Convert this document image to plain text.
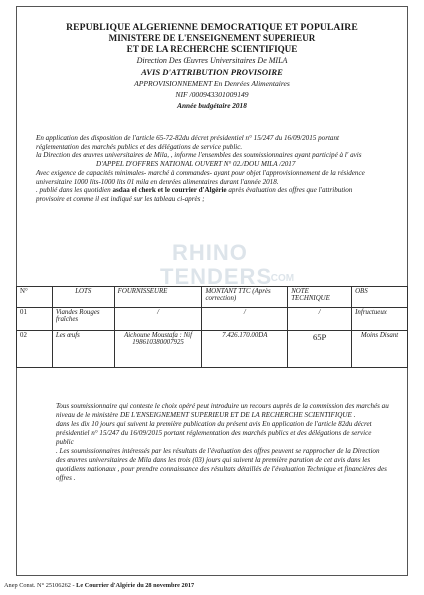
REPUBLIQUE ALGERIENNE DEMOCRATIQUE ET POPULAIRE
MINISTERE DE L'ENSEIGNEMENT SUPERIEUR
ET DE LA RECHERCHE SCIENTIFIQUE
Direction Des Œuvres Universitaires De MILA
AVIS D'ATTRIBUTION PROVISOIRE
APPROVISIONNEMENT En Denrées Alimentaires
NIF /000943301009149
Année budgétaire 2018

En application des disposition de l'article 65-72-82du décret présidentiel n° 15/247 du 16/09/2015 portant réglementation des marchés publics et des délégations de service public.

la Direction des œuvres universitaires de Mila, , informe l'ensembles des soumissionnaires ayant participé à l' avis

D'APPEL D'OFFRES NATIONAL OUVERT N° 02./DOU MILA /2017

Avec exigence de capacités minimales- marché à commandes- ayant pour objet l'approvisionnement de la résidence universitaire 1000 lits-1000 lits 01 mila en denrées alimentaires durant l'année 2018.

. publié dans les quotidien asdaa el cherk et le courrier d'Algérie après évaluation des offres que l'attribution provisoire et comme il est indiqué sur les tableau ci-après ;

RHINO
TENDERS
.COM
N°	LOTS	FOURNISSEURE	MONTANT TTC (Après correction)	NOTE TECHNIQUE	OBS
01	Viandes Rouges fraîches	/	/	/	Infructueux
02	Les œufs	Aichoune Moustafa : Nif 198610380007925	7.426.170.00DA	65P	Moins Disant

Tous soumissionnaire qui conteste le choix opéré peut introduire un recours auprès de la commission des marchés au niveau de le ministère DE L'ENSEIGNEMENT SUPERIEUR ET DE LA RECHERCHE SCIENTIFIQUE .

dans les dix 10 jours qui suivent la première publication du présent avis En application de l'article 82du décret présidentiel n° 15/247 du 16/09/2015 portant réglementation des marchés publics et des délégations de service public

. Les soumissionnaires intéressés par les résultats de l'évaluation des offres peuvent se rapprocher de la Direction des œuvres universitaires de Mila dans les trois (03) jours qui suivent la première parution de cet avis dans les quotidiens nationaux , pour prendre connaissance des résultats détaillés de l'évaluation Technique et financières des offres .

Anep Const. N° 25106262 - Le Courrier d'Algérie du 28 novembre 2017
